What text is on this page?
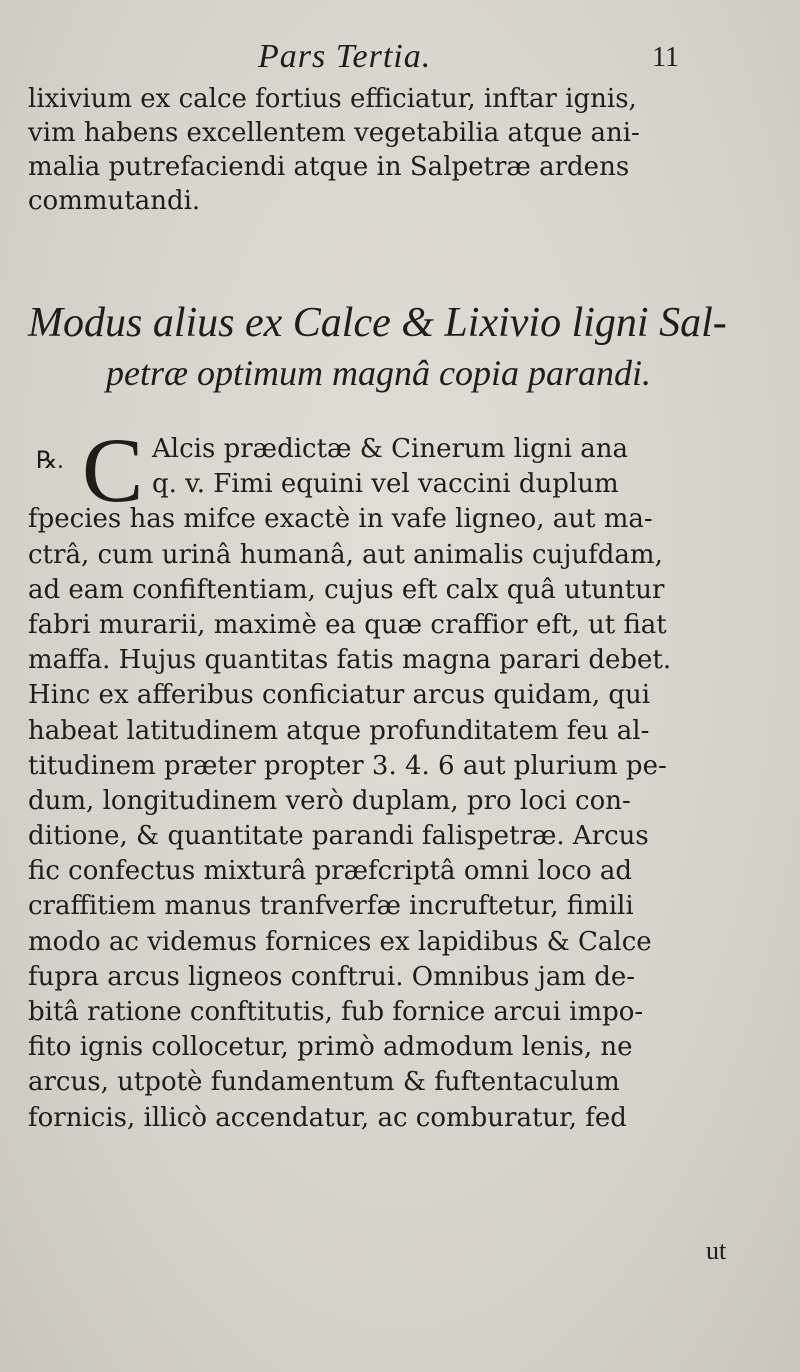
Pars Tertia.	11
lixivium ex calce fortius efficiatur, inftar ignis,
vim habens excellentem vegetabilia atque ani-
malia putrefaciendi atque in Salpetræ ardens
commutandi.
Modus alius ex Calce & Lixivio ligni Sal-
petræ optimum magnâ copia parandi.
℞. C Alcis prædictæ & Cinerum ligni ana
q. v. Fimi equini vel vaccini duplum
fpecies has mifce exactè in vafe ligneo, aut ma-
ctrâ, cum urinâ humanâ, aut animalis cujufdam,
ad eam confiftentiam, cujus eft calx quâ utuntur
fabri murarii, maximè ea quæ craffior eft, ut fiat
maffa. Hujus quantitas fatis magna parari debet.
Hinc ex afferibus conficiatur arcus quidam, qui
habeat latitudinem atque profunditatem feu al-
titudinem præter propter 3. 4. 6 aut plurium pe-
dum, longitudinem verò duplam, pro loci con-
ditione, & quantitate parandi falispetræ. Arcus
fic confectus mixturâ præfcriptâ omni loco ad
craffitiem manus tranfverfæ incruftetur, fimili
modo ac videmus fornices ex lapidibus & Calce
fupra arcus ligneos conftrui. Omnibus jam de-
bitâ ratione conftitutis, fub fornice arcui impo-
fito ignis collocetur, primò admodum lenis, ne
arcus, utpotè fundamentum & fuftentaculum
fornicis, illicò accendatur, ac comburatur, fed
ut
